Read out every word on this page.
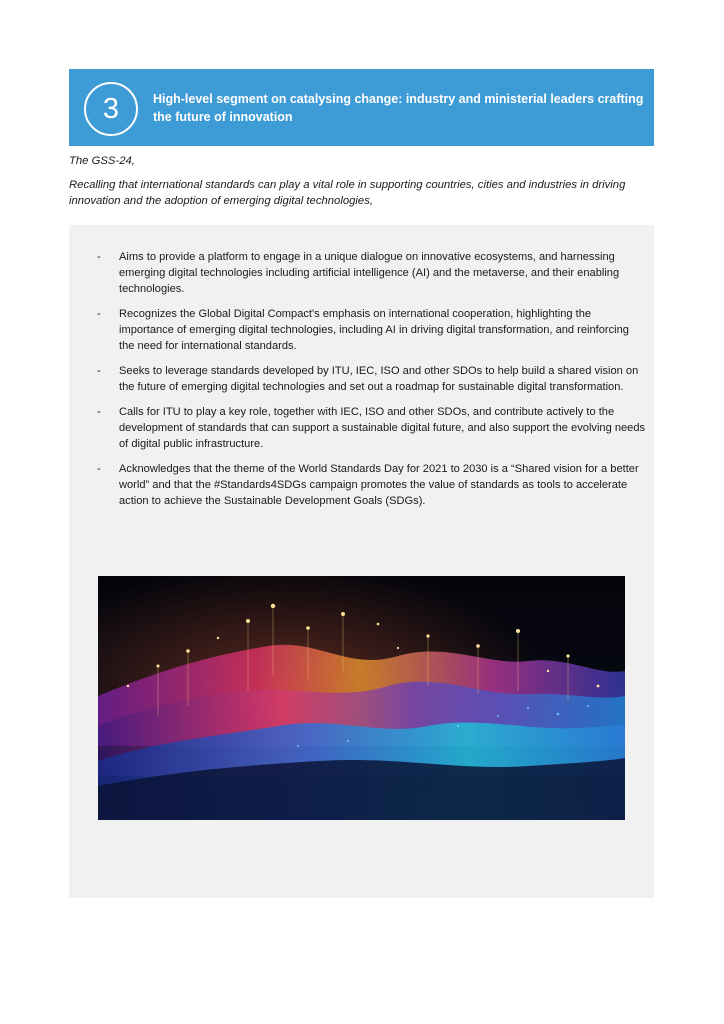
3	High-level segment on catalysing change: industry and ministerial leaders crafting the future of innovation
The GSS-24,
Recalling that international standards can play a vital role in supporting countries, cities and industries in driving innovation and the adoption of emerging digital technologies,
-	Aims to provide a platform to engage in a unique dialogue on innovative ecosystems, and harnessing emerging digital technologies including artificial intelligence (AI) and the metaverse, and their enabling technologies.
-	Recognizes the Global Digital Compact's emphasis on international cooperation, highlighting the importance of emerging digital technologies, including AI in driving digital transformation, and reinforcing the need for international standards.
-	Seeks to leverage standards developed by ITU, IEC, ISO and other SDOs to help build a shared vision on the future of emerging digital technologies and set out a roadmap for sustainable digital transformation.
-	Calls for ITU to play a key role, together with IEC, ISO and other SDOs, and contribute actively to the development of standards that can support a sustainable digital future, and also support the evolving needs of digital public infrastructure.
-	Acknowledges that the theme of the World Standards Day for 2021 to 2030 is a “Shared vision for a better world” and that the #Standards4SDGs campaign promotes the value of standards as tools to accelerate action to achieve the Sustainable Development Goals (SDGs).
